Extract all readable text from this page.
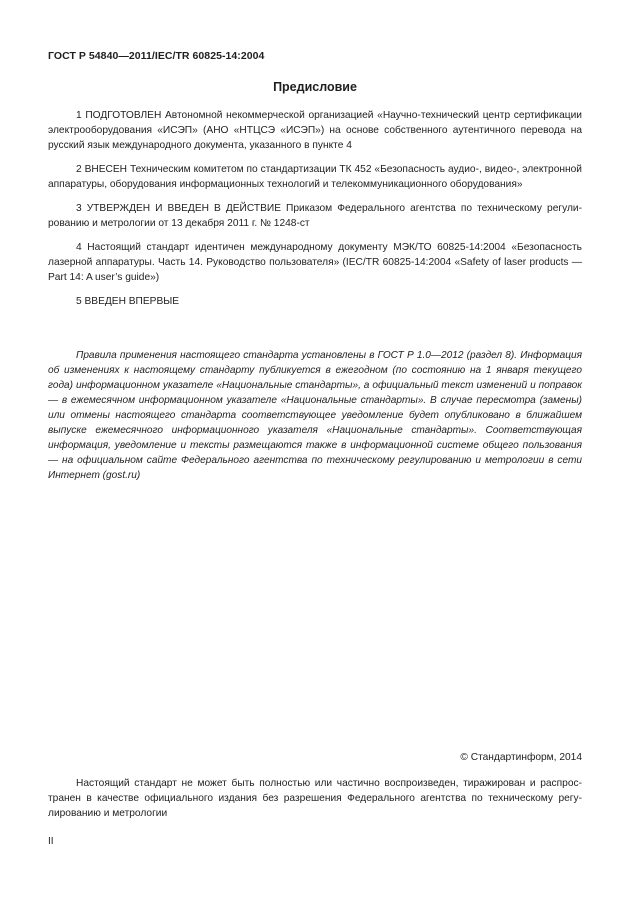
ГОСТ Р 54840—2011/IEC/TR 60825-14:2004
Предисловие

1 ПОДГОТОВЛЕН Автономной некоммерческой организацией «Научно-технический центр сертификации электрооборудования «ИСЭП» (АНО «НТЦСЭ «ИСЭП») на основе собственного аутентичного перевода на русский язык международного документа, указанного в пункте 4

2 ВНЕСЕН Техническим комитетом по стандартизации ТК 452 «Безопасность аудио-, видео-, электронной аппаратуры, оборудования информационных технологий и телекоммуникационного оборудования»

3 УТВЕРЖДЕН И ВВЕДЕН В ДЕЙСТВИЕ Приказом Федерального агентства по техническому регулированию и метрологии от 13 декабря 2011 г. № 1248-ст

4 Настоящий стандарт идентичен международному документу МЭК/ТО 60825-14:2004 «Безопасность лазерной аппаратуры. Часть 14. Руководство пользователя» (IEC/TR 60825-14:2004 «Safety of laser products — Part 14: A user’s guide»)

5 ВВЕДЕН ВПЕРВЫЕ

Правила применения настоящего стандарта установлены в ГОСТ Р 1.0—2012 (раздел 8). Информация об изменениях к настоящему стандарту публикуется в ежегодном (по состоянию на 1 января текущего года) информационном указателе «Национальные стандарты», а официальный текст изменений и поправок — в ежемесячном информационном указателе «Национальные стандарты». В случае пересмотра (замены) или отмены настоящего стандарта соответствующее уведомление будет опубликовано в ближайшем выпуске ежемесячного информационного указателя «Национальные стандарты». Соответствующая информация, уведомление и тексты размещаются также в информационной системе общего пользования — на официальном сайте Федерального агентства по техническому регулированию и метрологии в сети Интернет (gost.ru)

© Стандартинформ, 2014

Настоящий стандарт не может быть полностью или частично воспроизведен, тиражирован и распространен в качестве официального издания без разрешения Федерального агентства по техническому регулированию и метрологии

II
